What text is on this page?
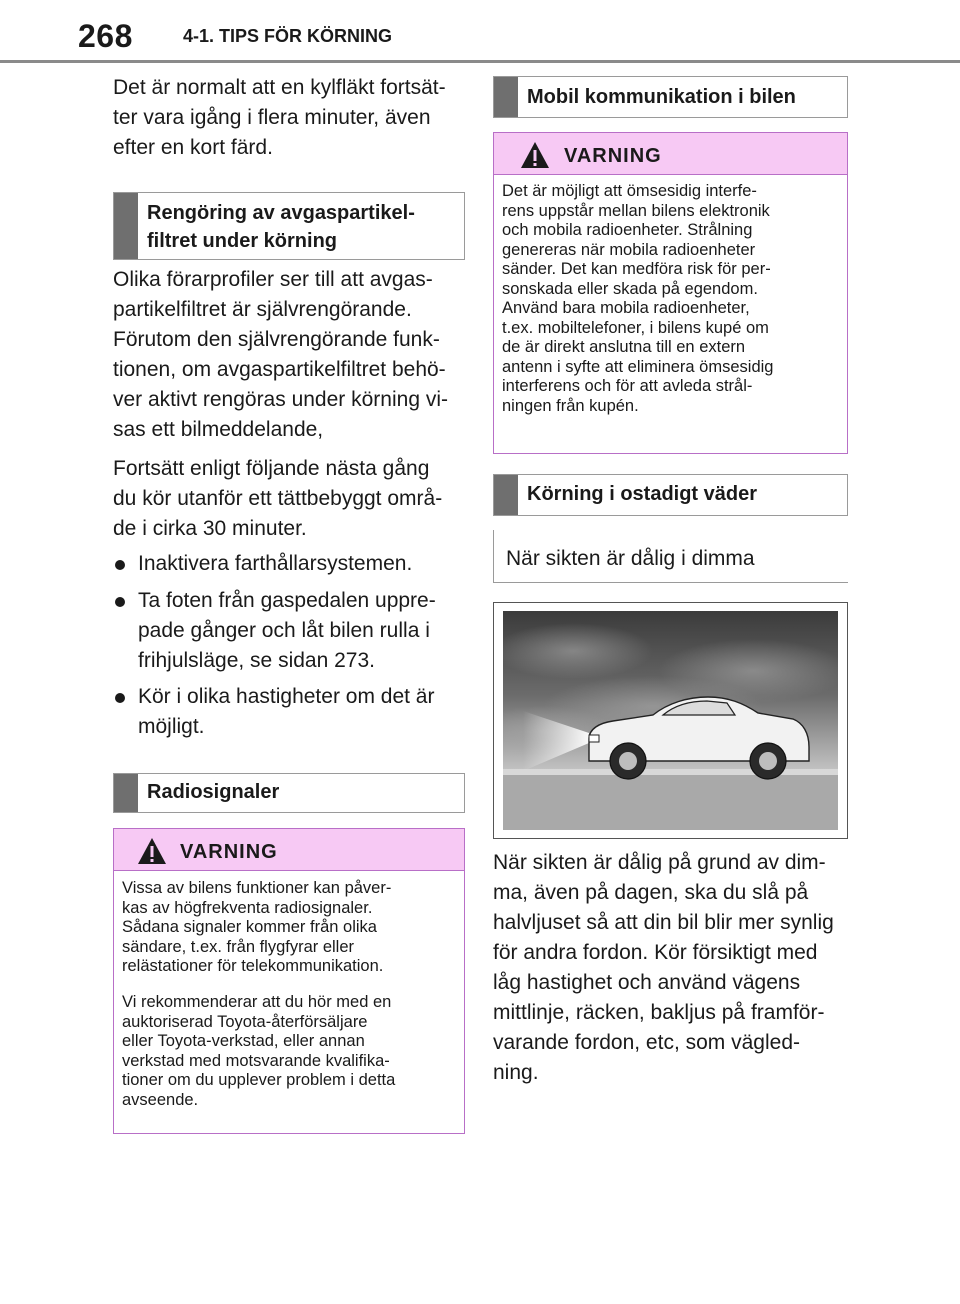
268	4-1. TIPS FÖR KÖRNING
Det är normalt att en kylfläkt fortsät-
ter vara igång i flera minuter, även
efter en kort färd.
Rengöring av avgaspartikel-
filtret under körning
Olika förarprofiler ser till att avgas-
partikelfiltret är självrengörande.
Förutom den självrengörande funk-
tionen, om avgaspartikelfiltret behö-
ver aktivt rengöras under körning vi-
sas ett bilmeddelande,
Fortsätt enligt följande nästa gång
du kör utanför ett tättbebyggt områ-
de i cirka 30 minuter.
Inaktivera farthållarsystemen.
Ta foten från gaspedalen uppre-
pade gånger och låt bilen rulla i
frihjulsläge, se sidan 273.
Kör i olika hastigheter om det är
möjligt.
Radiosignaler
VARNING
Vissa av bilens funktioner kan påver-
kas av högfrekventa radiosignaler.
Sådana signaler kommer från olika
sändare, t.ex. från flygfyrar eller
relästationer för telekommunikation.
Vi rekommenderar att du hör med en
auktoriserad Toyota-återförsäljare
eller Toyota-verkstad, eller annan
verkstad med motsvarande kvalifika-
tioner om du upplever problem i detta
avseende.
Mobil kommunikation i bilen
VARNING
Det är möjligt att ömsesidig interfe-
rens uppstår mellan bilens elektronik
och mobila radioenheter. Strålning
genereras när mobila radioenheter
sänder. Det kan medföra risk för per-
sonskada eller skada på egendom.
Använd bara mobila radioenheter,
t.ex. mobiltelefoner, i bilens kupé om
de är direkt anslutna till en extern
antenn i syfte att eliminera ömsesidig
interferens och för att avleda strål-
ningen från kupén.
Körning i ostadigt väder
När sikten är dålig i dimma
När sikten är dålig på grund av dim-
ma, även på dagen, ska du slå på
halvljuset så att din bil blir mer synlig
för andra fordon. Kör försiktigt med
låg hastighet och använd vägens
mittlinje, räcken, bakljus på framför-
varande fordon, etc, som vägled-
ning.
